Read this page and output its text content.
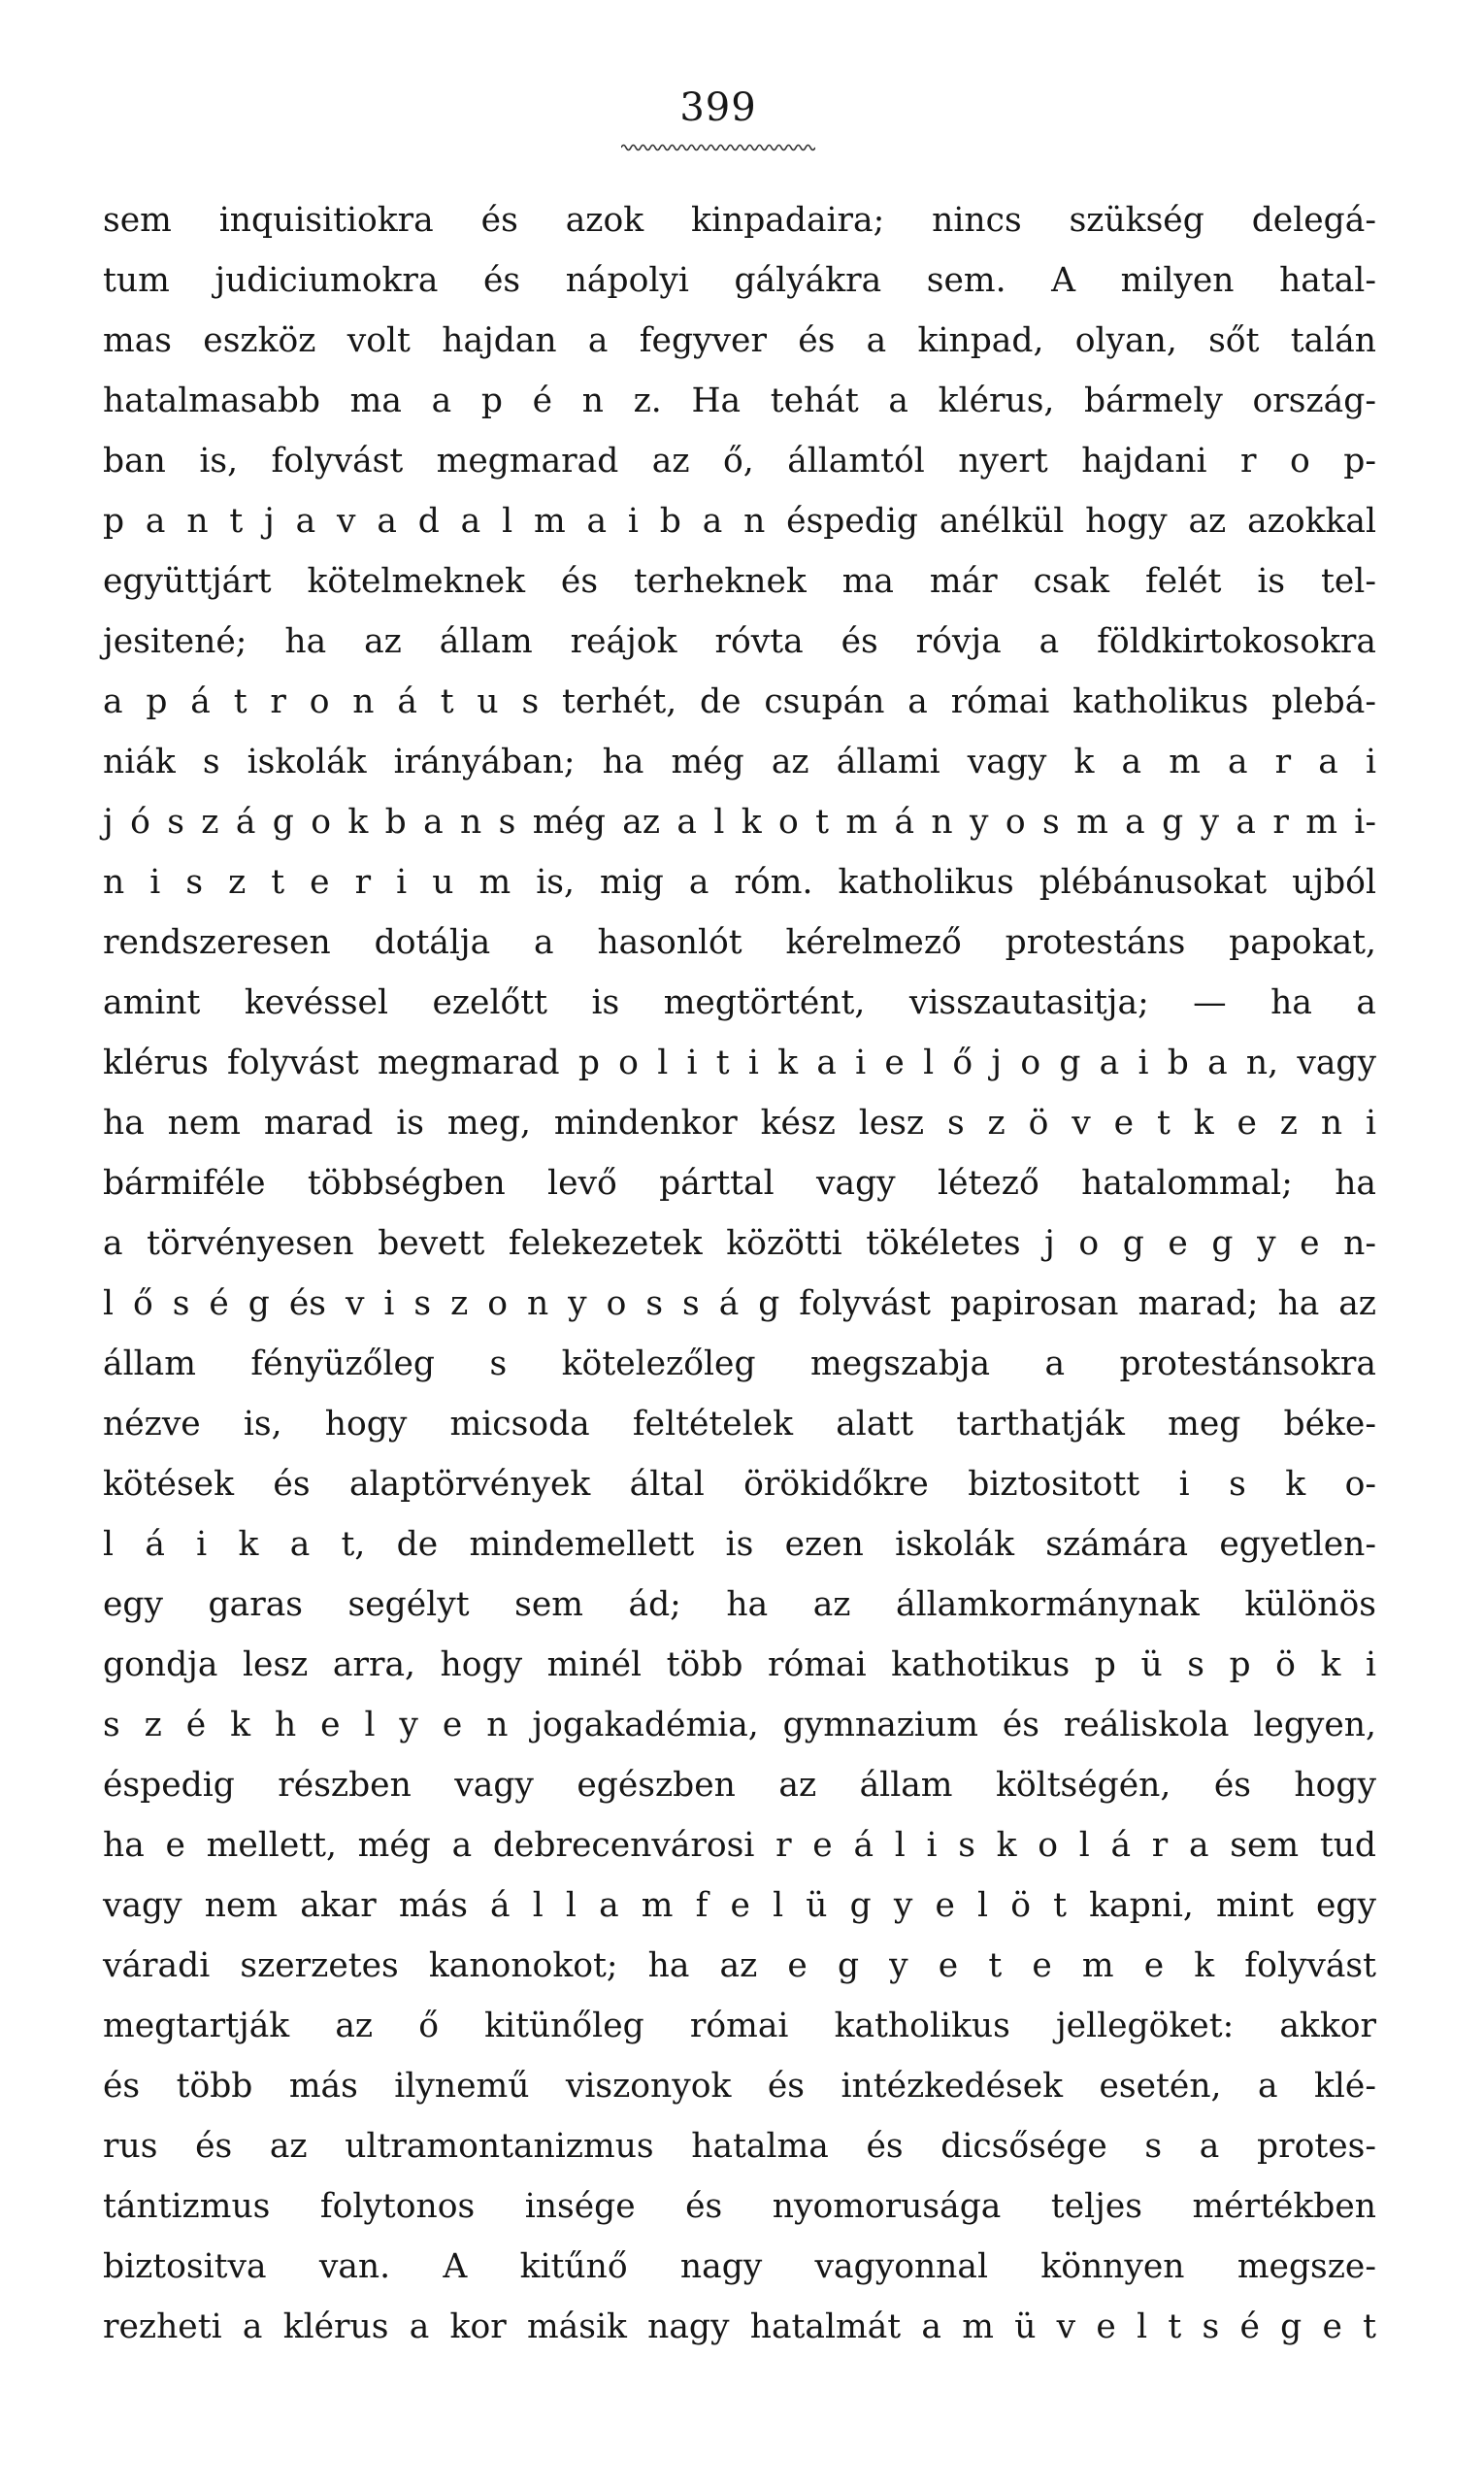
399
sem inquisitiokra és azok kinpadaira; nincs szükség delegá-
tum judiciumokra és nápolyi gályákra sem. A milyen hatal-
mas eszköz volt hajdan a fegyver és a kinpad, olyan, sőt talán
hatalmasabb ma a p é n z. Ha tehát a klérus, bármely ország-
ban is, folyvást megmarad az ő, államtól nyert hajdani r o p-
p a n t j a v a d a l m a i b a n éspedig anélkül hogy az azokkal
együttjárt kötelmeknek és terheknek ma már csak felét is tel-
jesitené; ha az állam reájok róvta és róvja a földkirtokosokra
a p á t r o n á t u s terhét, de csupán a római katholikus plebá-
niák s iskolák irányában; ha még az állami vagy k a m a r a i
j ó s z á g o k b a n s még az a l k o t m á n y o s m a g y a r m i-
n i s z t e r i u m is, mig a róm. katholikus plébánusokat ujból
rendszeresen dotálja a hasonlót kérelmező protestáns papokat,
amint kevéssel ezelőtt is megtörtént, visszautasitja; — ha a
klérus folyvást megmarad p o l i t i k a i e l ő j o g a i b a n, vagy
ha nem marad is meg, mindenkor kész lesz s z ö v e t k e z n i
bármiféle többségben levő párttal vagy létező hatalommal; ha
a törvényesen bevett felekezetek közötti tökéletes j o g e g y e n-
l ő s é g és v i s z o n y o s s á g folyvást papirosan marad; ha az
állam fényüzőleg s kötelezőleg megszabja a protestánsokra
nézve is, hogy micsoda feltételek alatt tarthatják meg béke-
kötések és alaptörvények által örökidőkre biztositott i s k o-
l á i k a t, de mindemellett is ezen iskolák számára egyetlen-
egy garas segélyt sem ád; ha az államkormánynak különös
gondja lesz arra, hogy minél több római kathotikus p ü s p ö k i
s z é k h e l y e n jogakadémia, gymnazium és reáliskola legyen,
éspedig részben vagy egészben az állam költségén, és hogy
ha e mellett, még a debrecenvárosi r e á l i s k o l á r a sem tud
vagy nem akar más á l l a m f e l ü g y e l ö t kapni, mint egy
váradi szerzetes kanonokot; ha az e g y e t e m e k folyvást
megtartják az ő kitünőleg római katholikus jellegöket: akkor
és több más ilynemű viszonyok és intézkedések esetén, a klé-
rus és az ultramontanizmus hatalma és dicsősége s a protes-
tántizmus folytonos insége és nyomorusága teljes mértékben
biztositva van. A kitűnő nagy vagyonnal könnyen megsze-
rezheti a klérus a kor másik nagy hatalmát a m ü v e l t s é g e t
